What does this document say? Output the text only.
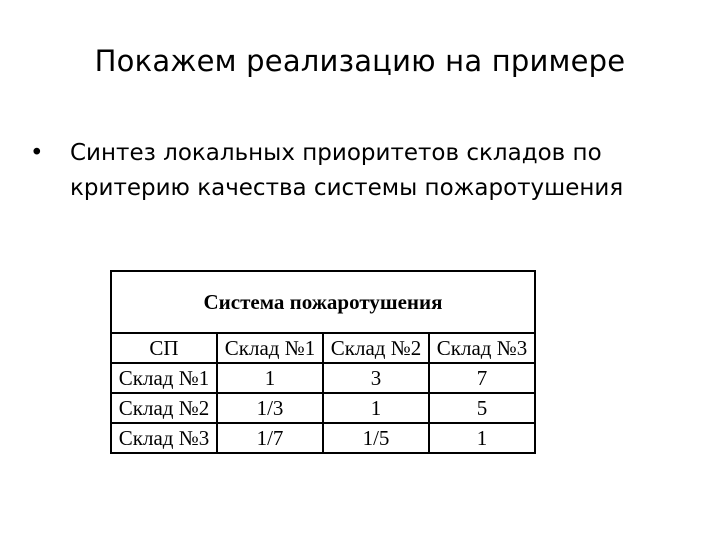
Покажем реализацию на примере
• Синтез локальных приоритетов складов по критерию качества системы пожаротушения
Система пожаротушения			
СП	Склад №1	Склад №2	Склад №3
Склад №1	1	3	7
Склад №2	1/3	1	5
Склад №3	1/7	1/5	1
